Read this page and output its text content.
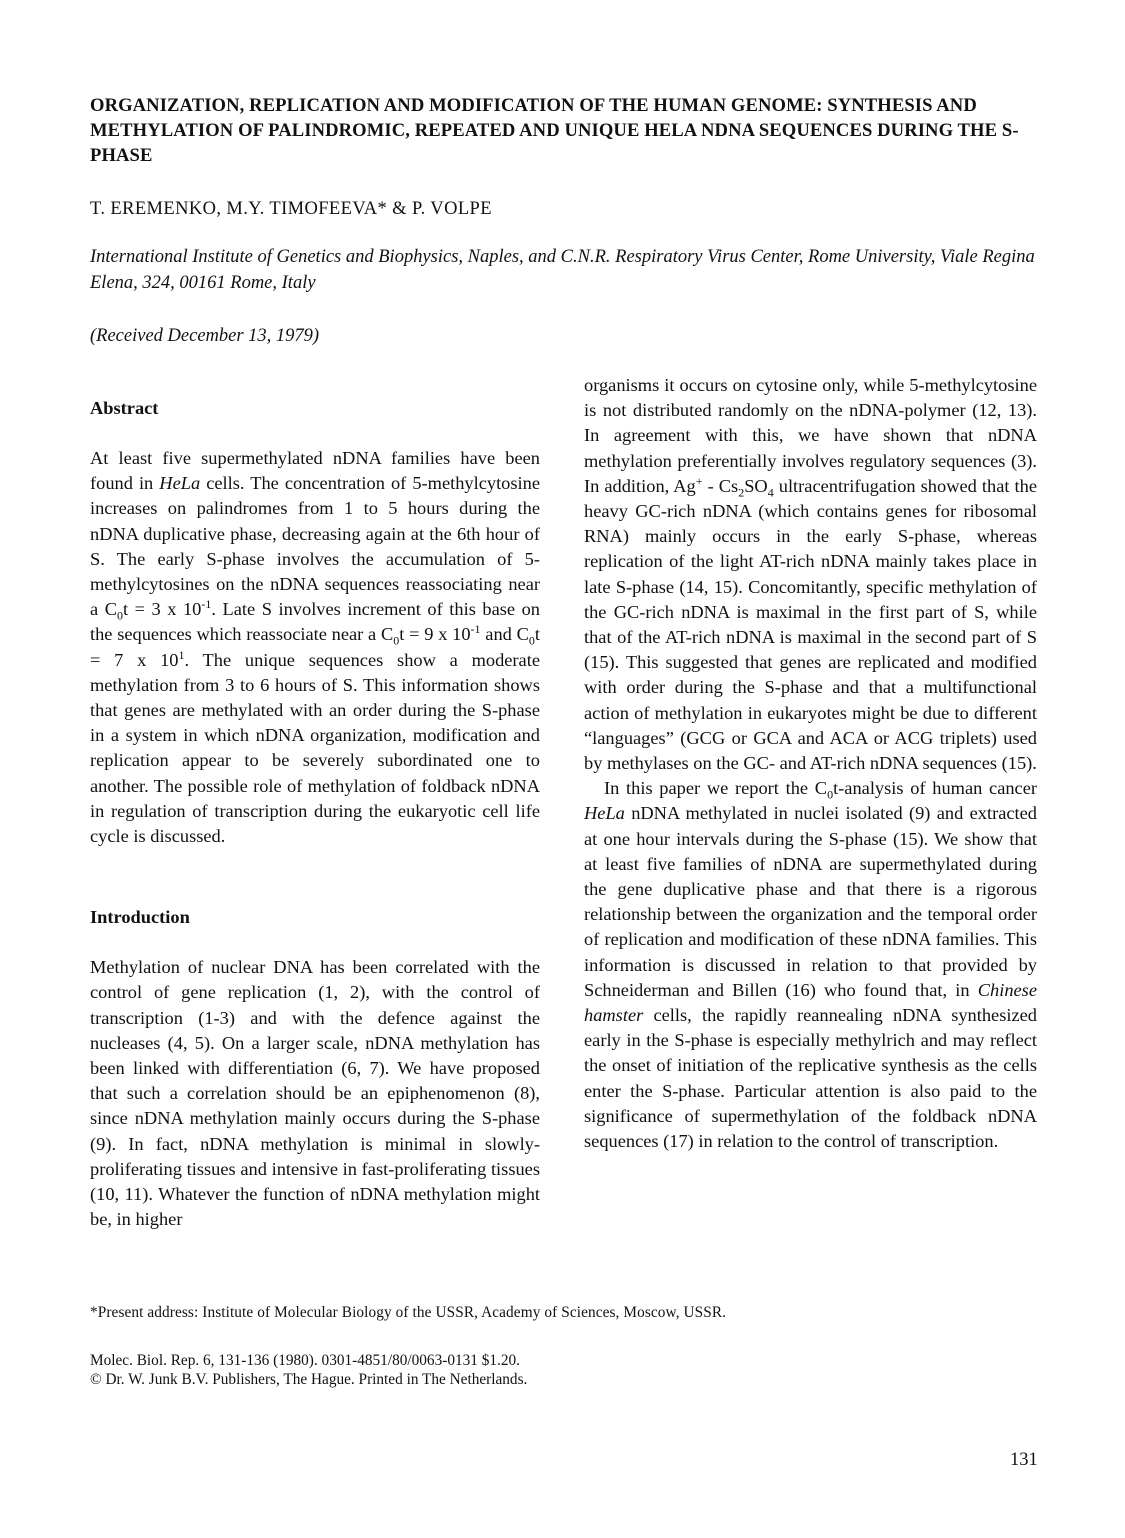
ORGANIZATION, REPLICATION AND MODIFICATION OF THE HUMAN GENOME: SYNTHESIS AND METHYLATION OF PALINDROMIC, REPEATED AND UNIQUE HELA NDNA SEQUENCES DURING THE S-PHASE

T. EREMENKO, M.Y. TIMOFEEVA* & P. VOLPE

International Institute of Genetics and Biophysics, Naples, and C.N.R. Respiratory Virus Center, Rome University, Viale Regina Elena, 324, 00161 Rome, Italy

(Received December 13, 1979)

Abstract

At least five supermethylated nDNA families have been found in HeLa cells. The concentration of 5-methylcytosine increases on palindromes from 1 to 5 hours during the nDNA duplicative phase, decreasing again at the 6th hour of S. The early S-phase involves the accumulation of 5-methylcytosines on the nDNA sequences reassociating near a $C_0t = 3$ x $10^{-1}$. Late S involves increment of this base on the sequences which reassociate near a $C_0t = 9$ x $10^{-1}$ and $C_0t = 7$ x $10^1$. The unique sequences show a moderate methylation from 3 to 6 hours of S. This information shows that genes are methylated with an order during the S-phase in a system in which nDNA organization, modification and replication appear to be severely subordinated one to another. The possible role of methylation of foldback nDNA in regulation of transcription during the eukaryotic cell life cycle is discussed.

Introduction

Methylation of nuclear DNA has been correlated with the control of gene replication (1, 2), with the control of transcription (1-3) and with the defence against the nucleases (4, 5). On a larger scale, nDNA methylation has been linked with differentiation (6, 7). We have proposed that such a correlation should be an epiphenomenon (8), since nDNA methylation mainly occurs during the S-phase (9). In fact, nDNA methylation is minimal in slowly-proliferating tissues and intensive in fast-proliferating tissues (10, 11). Whatever the function of nDNA methylation might be, in higher

organisms it occurs on cytosine only, while 5-methylcytosine is not distributed randomly on the nDNA-polymer (12, 13). In agreement with this, we have shown that nDNA methylation preferentially involves regulatory sequences (3). In addition, $Ag^+ - Cs_2SO_4$ ultracentrifugation showed that the heavy GC-rich nDNA (which contains genes for ribosomal RNA) mainly occurs in the early S-phase, whereas replication of the light AT-rich nDNA mainly takes place in late S-phase (14, 15). Concomitantly, specific methylation of the GC-rich nDNA is maximal in the first part of S, while that of the AT-rich nDNA is maximal in the second part of S (15). This suggested that genes are replicated and modified with order during the S-phase and that a multifunctional action of methylation in eukaryotes might be due to different “languages” (GCG or GCA and ACA or ACG triplets) used by methylases on the GC- and AT-rich nDNA sequences (15).

In this paper we report the $C_0t$-analysis of human cancer HeLa nDNA methylated in nuclei isolated (9) and extracted at one hour intervals during the S-phase (15). We show that at least five families of nDNA are supermethylated during the gene duplicative phase and that there is a rigorous relationship between the organization and the temporal order of replication and modification of these nDNA families. This information is discussed in relation to that provided by Schneiderman and Billen (16) who found that, in Chinese hamster cells, the rapidly reannealing nDNA synthesized early in the S-phase is especially methylrich and may reflect the onset of initiation of the replicative synthesis as the cells enter the S-phase. Particular attention is also paid to the significance of supermethylation of the foldback nDNA sequences (17) in relation to the control of transcription.

*Present address: Institute of Molecular Biology of the USSR, Academy of Sciences, Moscow, USSR.

Molec. Biol. Rep. 6, 131-136 (1980). 0301-4851/80/0063-0131 $1.20.
© Dr. W. Junk B.V. Publishers, The Hague. Printed in The Netherlands.

131
